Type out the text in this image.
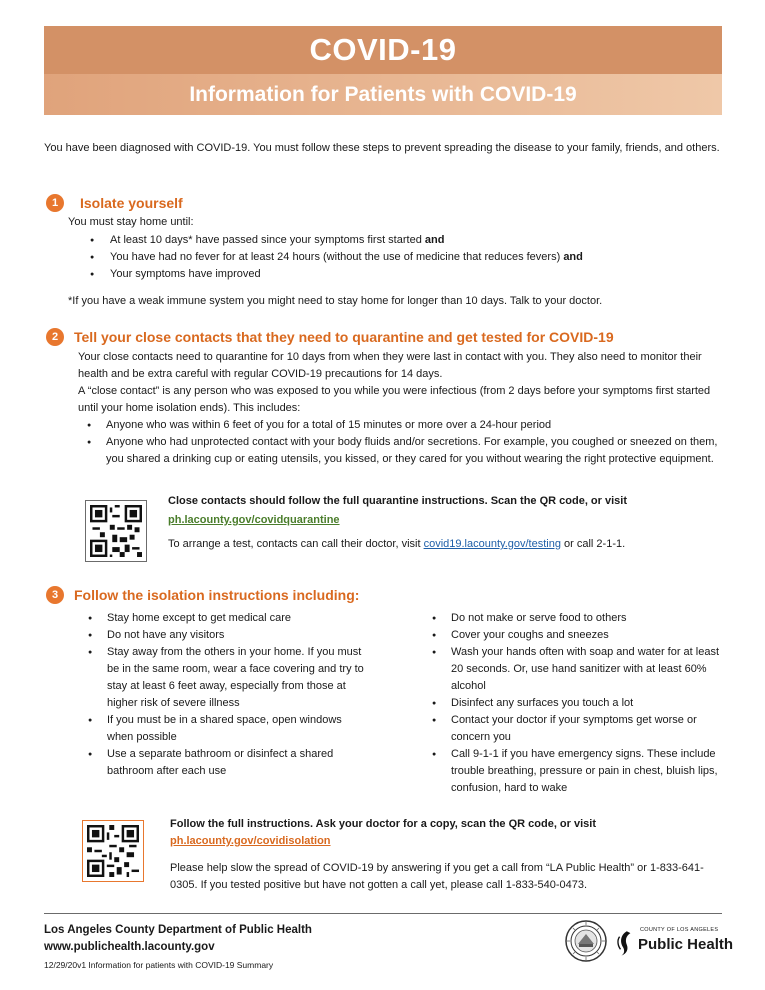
COVID-19
Information for Patients with COVID-19
You have been diagnosed with COVID-19. You must follow these steps to prevent spreading the disease to your family, friends, and others.
1	Isolate yourself
You must stay home until:
● At least 10 days* have passed since your symptoms first started and
● You have had no fever for at least 24 hours (without the use of medicine that reduces fevers) and
● Your symptoms have improved
*If you have a weak immune system you might need to stay home for longer than 10 days. Talk to your doctor.
2	Tell your close contacts that they need to quarantine and get tested for COVID-19
Your close contacts need to quarantine for 10 days from when they were last in contact with you. They also need to monitor their health and be extra careful with regular COVID-19 precautions for 14 days.
A “close contact” is any person who was exposed to you while you were infectious (from 2 days before your symptoms first started until your home isolation ends). This includes:
● Anyone who was within 6 feet of you for a total of 15 minutes or more over a 24-hour period
● Anyone who had unprotected contact with your body fluids and/or secretions. For example, you coughed or sneezed on them, you shared a drinking cup or eating utensils, you kissed, or they cared for you without wearing the right protective equipment.
Close contacts should follow the full quarantine instructions. Scan the QR code, or visit
ph.lacounty.gov/covidquarantine
To arrange a test, contacts can call their doctor, visit covid19.lacounty.gov/testing or call 2-1-1.
3	Follow the isolation instructions including:
● Stay home except to get medical care
● Do not have any visitors
● Stay away from the others in your home. If you must be in the same room, wear a face covering and try to stay at least 6 feet away, especially from those at higher risk of severe illness
● If you must be in a shared space, open windows when possible
● Use a separate bathroom or disinfect a shared bathroom after each use
● Do not make or serve food to others
● Cover your coughs and sneezes
● Wash your hands often with soap and water for at least 20 seconds. Or, use hand sanitizer with at least 60% alcohol
● Disinfect any surfaces you touch a lot
● Contact your doctor if your symptoms get worse or concern you
● Call 9-1-1 if you have emergency signs. These include trouble breathing, pressure or pain in chest, bluish lips, confusion, hard to wake
Follow the full instructions. Ask your doctor for a copy, scan the QR code, or visit
ph.lacounty.gov/covidisolation
Please help slow the spread of COVID-19 by answering if you get a call from “LA Public Health” or 1-833-641-0305. If you tested positive but have not gotten a call yet, please call 1-833-540-0473.
Los Angeles County Department of Public Health
www.publichealth.lacounty.gov
12/29/20v1 Information for patients with COVID-19 Summary
COUNTY OF LOS ANGELES
Public Health
